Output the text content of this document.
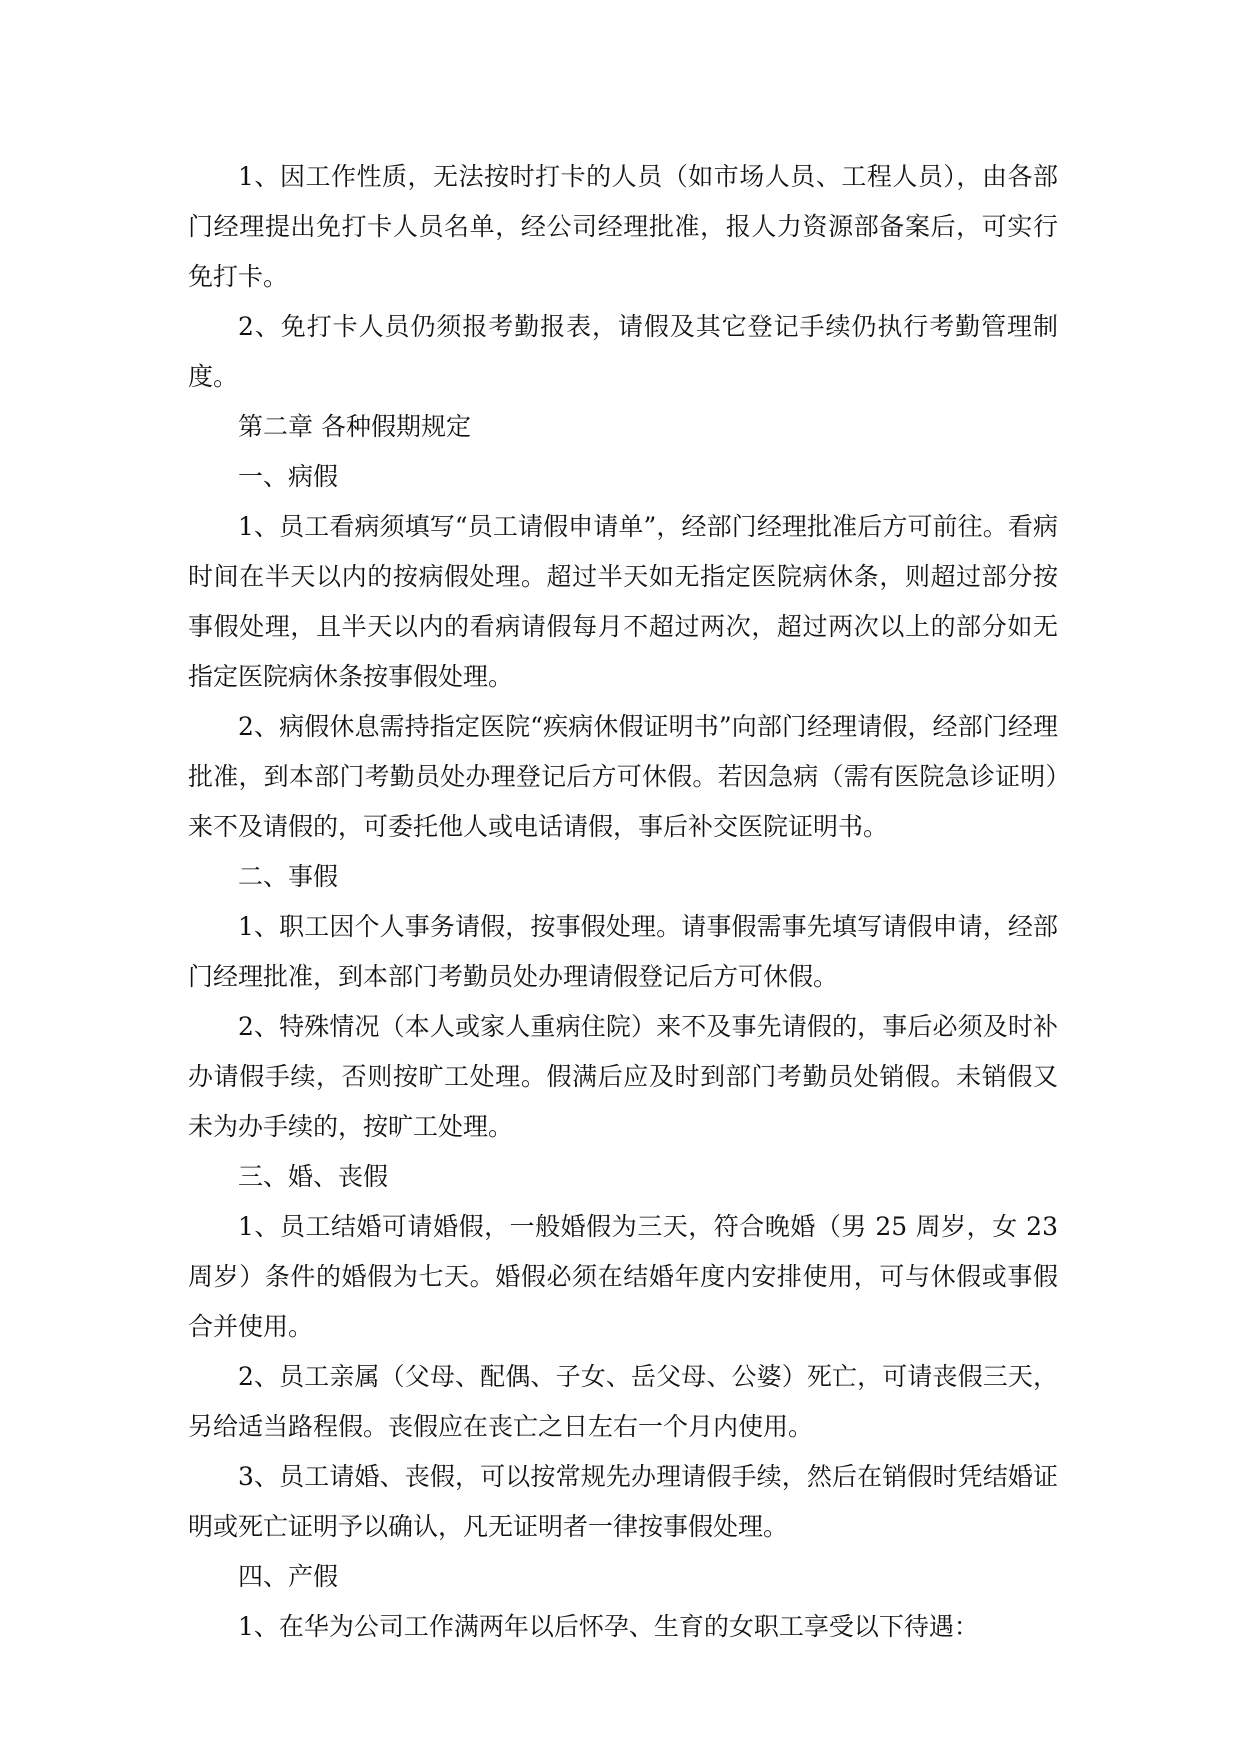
1、因工作性质，无法按时打卡的人员（如市场人员、工程人员），由各部门经理提出免打卡人员名单，经公司经理批准，报人力资源部备案后，可实行免打卡。

2、免打卡人员仍须报考勤报表，请假及其它登记手续仍执行考勤管理制度。

第二章 各种假期规定

一、病假

1、员工看病须填写“员工请假申请单”，经部门经理批准后方可前往。看病时间在半天以内的按病假处理。超过半天如无指定医院病休条，则超过部分按事假处理，且半天以内的看病请假每月不超过两次，超过两次以上的部分如无指定医院病休条按事假处理。

2、病假休息需持指定医院“疾病休假证明书”向部门经理请假，经部门经理批准，到本部门考勤员处办理登记后方可休假。若因急病（需有医院急诊证明）来不及请假的，可委托他人或电话请假，事后补交医院证明书。

二、事假

1、职工因个人事务请假，按事假处理。请事假需事先填写请假申请，经部门经理批准，到本部门考勤员处办理请假登记后方可休假。

2、特殊情况（本人或家人重病住院）来不及事先请假的，事后必须及时补办请假手续，否则按旷工处理。假满后应及时到部门考勤员处销假。未销假又未为办手续的，按旷工处理。

三、婚、丧假

1、员工结婚可请婚假，一般婚假为三天，符合晚婚（男 25 周岁，女 23 周岁）条件的婚假为七天。婚假必须在结婚年度内安排使用，可与休假或事假合并使用。

2、员工亲属（父母、配偶、子女、岳父母、公婆）死亡，可请丧假三天，另给适当路程假。丧假应在丧亡之日左右一个月内使用。

3、员工请婚、丧假，可以按常规先办理请假手续，然后在销假时凭结婚证明或死亡证明予以确认，凡无证明者一律按事假处理。

四、产假

1、在华为公司工作满两年以后怀孕、生育的女职工享受以下待遇：
